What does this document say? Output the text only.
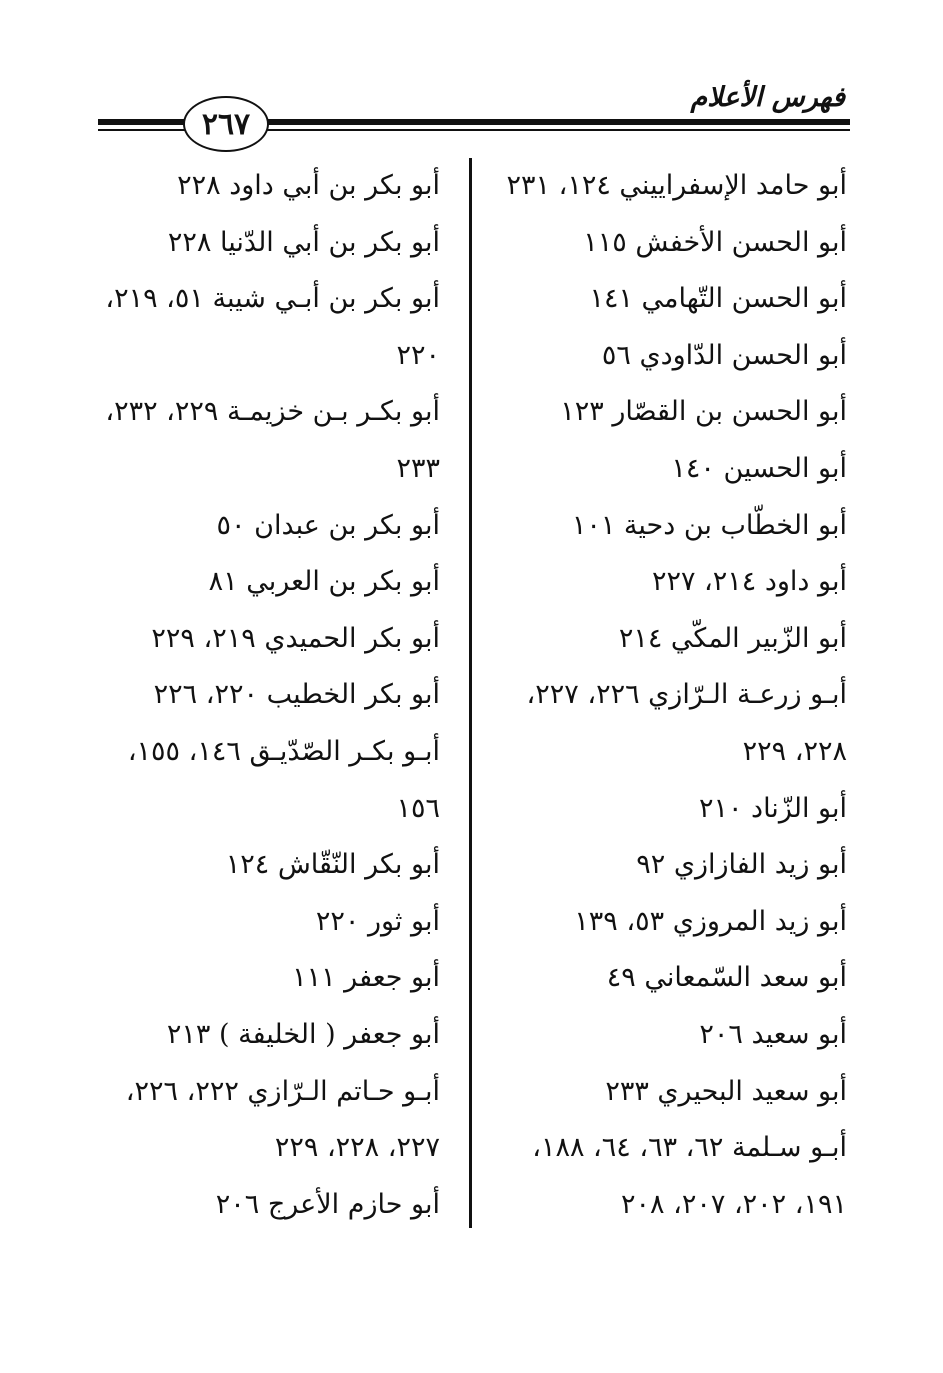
فهرس الأعلام
٢٦٧
أبو حامد الإسفراييني ١٢٤، ٢٣١
أبو الحسن الأخفش ١١٥
أبو الحسن التّهامي ١٤١
أبو الحسن الدّاودي ٥٦
أبو الحسن بن القصّار ١٢٣
أبو الحسين ١٤٠
أبو الخطّاب بن دحية ١٠١
أبو داود ٢١٤، ٢٢٧
أبو الزّبير المكّي ٢١٤
أبـو زرعـة الـرّازي ٢٢٦، ٢٢٧،
٢٢٨، ٢٢٩
أبو الزّناد ٢١٠
أبو زيد الفازازي ٩٢
أبو زيد المروزي ٥٣، ١٣٩
أبو سعد السّمعاني ٤٩
أبو سعيد ٢٠٦
أبو سعيد البحيري ٢٣٣
أبـو سـلمة ٦٢، ٦٣، ٦٤، ١٨٨،
١٩١، ٢٠٢، ٢٠٧، ٢٠٨
أبو بكر بن أبي داود ٢٢٨
أبو بكر بن أبي الدّنيا ٢٢٨
أبو بكر بن أبـي شيبة ٥١، ٢١٩،
٢٢٠
أبو بكـر بـن خزيمـة ٢٢٩، ٢٣٢،
٢٣٣
أبو بكر بن عبدان ٥٠
أبو بكر بن العربي ٨١
أبو بكر الحميدي ٢١٩، ٢٢٩
أبو بكر الخطيب ٢٢٠، ٢٢٦
أبـو بكـر الصّدّيـق ١٤٦، ١٥٥،
١٥٦
أبو بكر النّقّاش ١٢٤
أبو ثور ٢٢٠
أبو جعفر ١١١
أبو جعفر ( الخليفة ) ٢١٣
أبـو حـاتم الـرّازي ٢٢٢، ٢٢٦،
٢٢٧، ٢٢٨، ٢٢٩
أبو حازم الأعرج ٢٠٦
